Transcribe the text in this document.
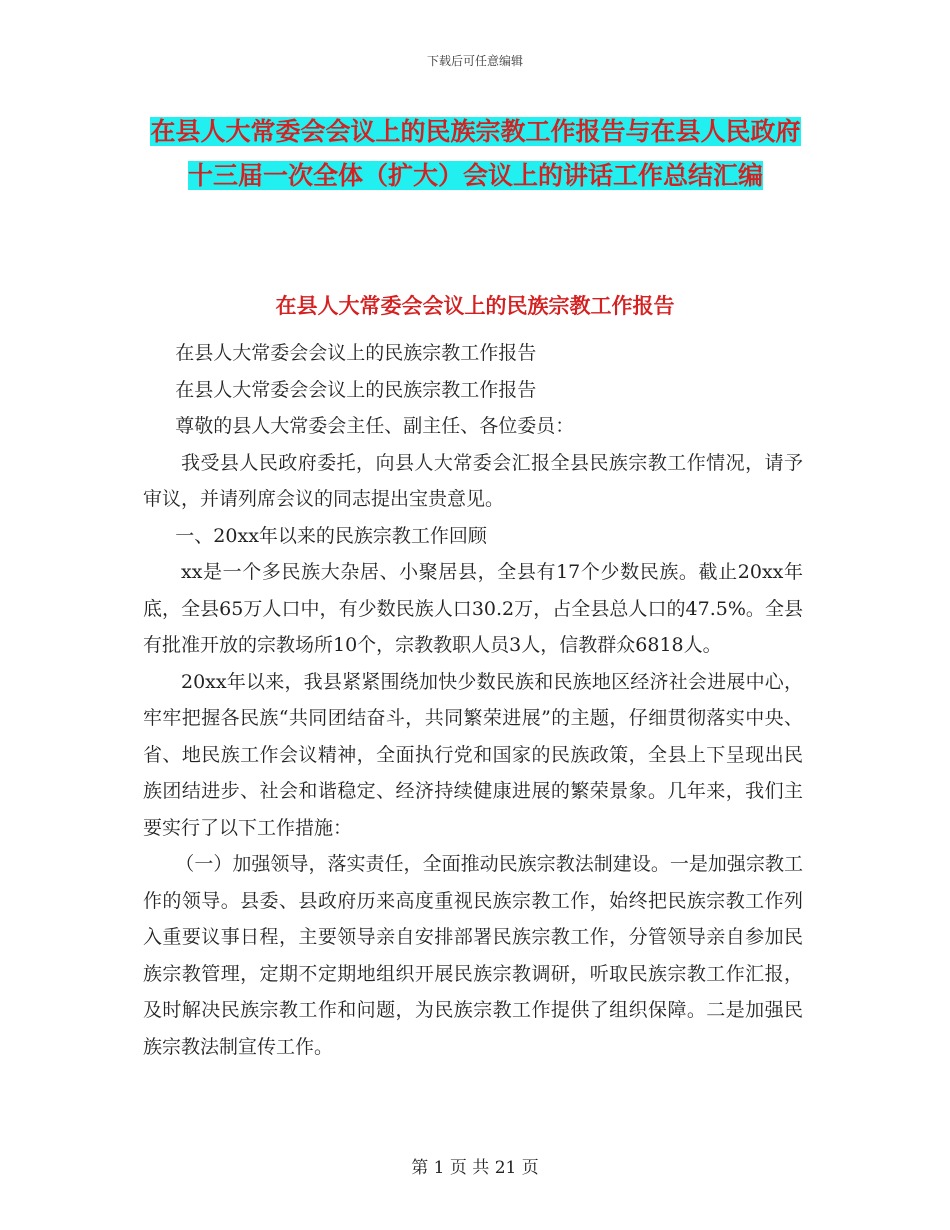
下载后可任意编辑
在县人大常委会会议上的民族宗教工作报告与在县人民政府十三届一次全体（扩大）会议上的讲话工作总结汇编
在县人大常委会会议上的民族宗教工作报告

在县人大常委会会议上的民族宗教工作报告

在县人大常委会会议上的民族宗教工作报告

尊敬的县人大常委会主任、副主任、各位委员：

我受县人民政府委托，向县人大常委会汇报全县民族宗教工作情况，请予审议，并请列席会议的同志提出宝贵意见。

一、20xx年以来的民族宗教工作回顾

xx是一个多民族大杂居、小聚居县，全县有17个少数民族。截止20xx年底，全县65万人口中，有少数民族人口30.2万，占全县总人口的47.5%。全县有批准开放的宗教场所10个，宗教教职人员3人，信教群众6818人。

20xx年以来，我县紧紧围绕加快少数民族和民族地区经济社会进展中心，牢牢把握各民族“共同团结奋斗，共同繁荣进展”的主题，仔细贯彻落实中央、省、地民族工作会议精神，全面执行党和国家的民族政策，全县上下呈现出民族团结进步、社会和谐稳定、经济持续健康进展的繁荣景象。几年来，我们主要实行了以下工作措施：

（一）加强领导，落实责任，全面推动民族宗教法制建设。一是加强宗教工作的领导。县委、县政府历来高度重视民族宗教工作，始终把民族宗教工作列入重要议事日程，主要领导亲自安排部署民族宗教工作，分管领导亲自参加民族宗教管理，定期不定期地组织开展民族宗教调研，听取民族宗教工作汇报，及时解决民族宗教工作和问题，为民族宗教工作提供了组织保障。二是加强民族宗教法制宣传工作。

第 1 页 共 21 页
